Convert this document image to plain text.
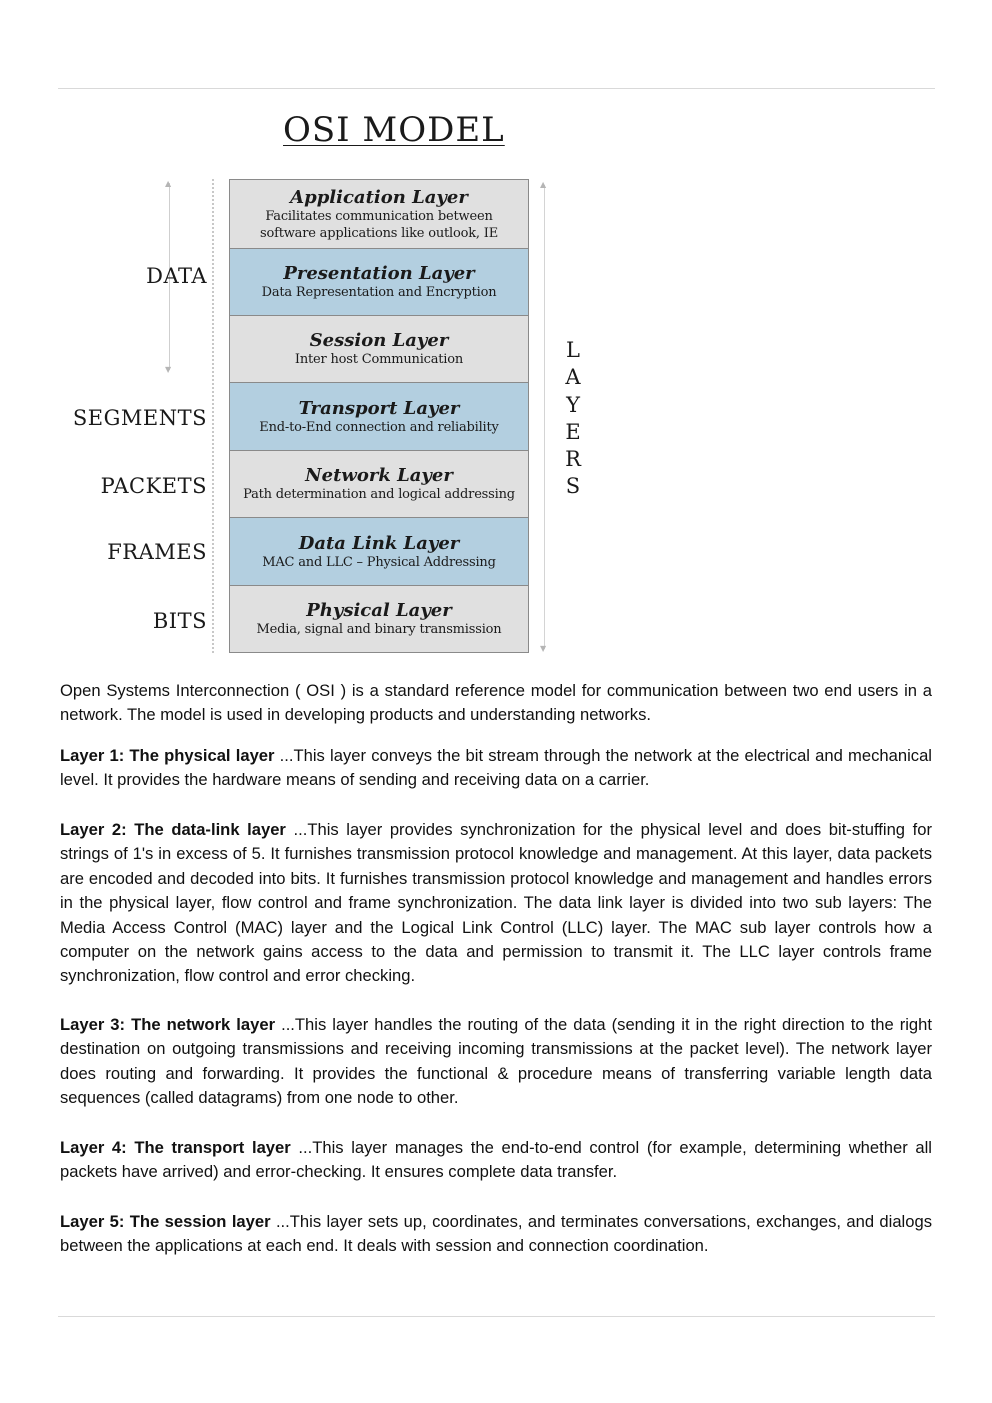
OSI MODEL
▲
▼
DATA
SEGMENTS
PACKETS
FRAMES
BITS
Application Layer
Facilitates communication between
software applications like outlook, IE
Presentation Layer
Data Representation and Encryption
Session Layer
Inter host Communication
Transport Layer
End-to-End connection and reliability
Network Layer
Path determination and logical addressing
Data Link Layer
MAC and LLC – Physical Addressing
Physical Layer
Media, signal and binary transmission
▲
▼
L
A
Y
E
R
S

Open Systems Interconnection ( OSI ) is a standard reference model for communication between two end users in a network. The model is used in developing products and understanding networks.

Layer 1: The physical layer ...This layer conveys the bit stream through the network at the electrical and mechanical level. It provides the hardware means of sending and receiving data on a carrier.

Layer 2: The data-link layer ...This layer provides synchronization for the physical level and does bit-stuffing for strings of 1's in excess of 5. It furnishes transmission protocol knowledge and management. At this layer, data packets are encoded and decoded into bits. It furnishes transmission protocol knowledge and management and handles errors in the physical layer, flow control and frame synchronization. The data link layer is divided into two sub layers: The Media Access Control (MAC) layer and the Logical Link Control (LLC) layer. The MAC sub layer controls how a computer on the network gains access to the data and permission to transmit it. The LLC layer controls frame synchronization, flow control and error checking.

Layer 3: The network layer ...This layer handles the routing of the data (sending it in the right direction to the right destination on outgoing transmissions and receiving incoming transmissions at the packet level). The network layer does routing and forwarding. It provides the functional & procedure means of transferring variable length data sequences (called datagrams) from one node to other.

Layer 4: The transport layer ...This layer manages the end-to-end control (for example, determining whether all packets have arrived) and error-checking. It ensures complete data transfer.

Layer 5: The session layer ...This layer sets up, coordinates, and terminates conversations, exchanges, and dialogs between the applications at each end. It deals with session and connection coordination.
